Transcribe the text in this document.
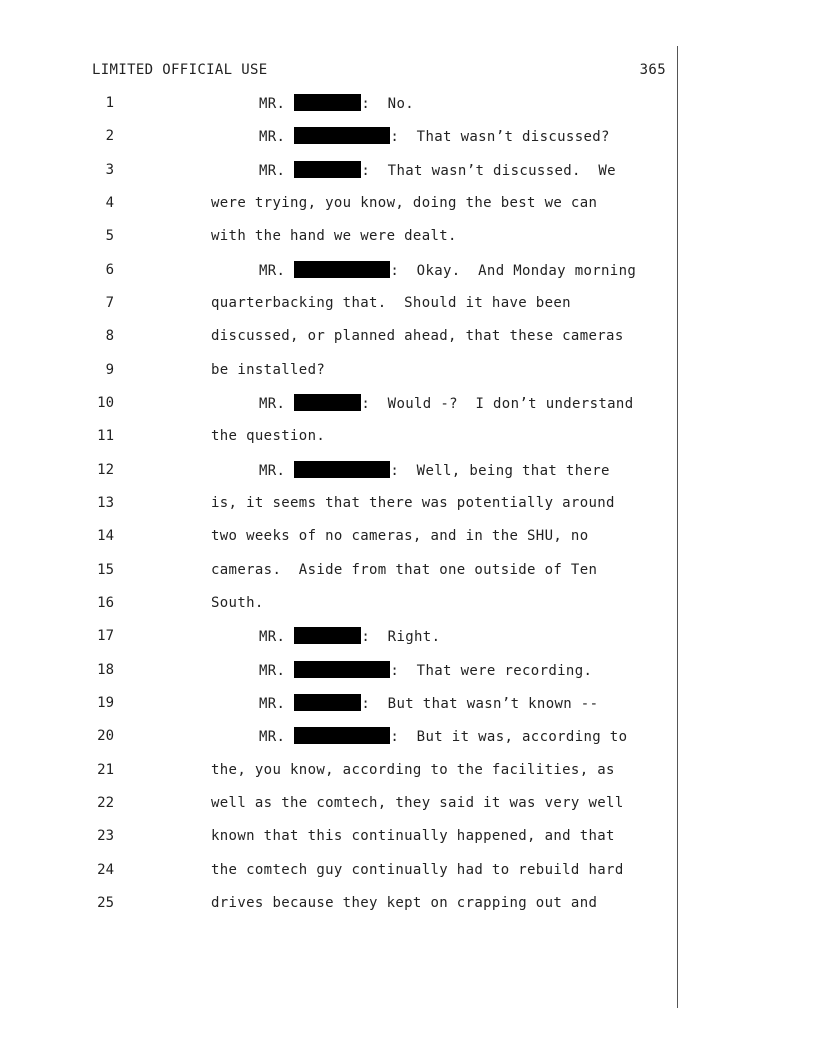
LIMITED OFFICIAL USE	365
1	MR.	:  No.
2	MR.	:  That wasn’t discussed?
3	MR.	:  That wasn’t discussed.  We
4	were trying, you know, doing the best we can
5	with the hand we were dealt.
6	MR.	:  Okay.  And Monday morning
7	quarterbacking that.  Should it have been
8	discussed, or planned ahead, that these cameras
9	be installed?
10	MR.	:  Would -?  I don’t understand
11	the question.
12	MR.	:  Well, being that there
13	is, it seems that there was potentially around
14	two weeks of no cameras, and in the SHU, no
15	cameras.  Aside from that one outside of Ten
16	South.
17	MR.	:  Right.
18	MR.	:  That were recording.
19	MR.	:  But that wasn’t known --
20	MR.	:  But it was, according to
21	the, you know, according to the facilities, as
22	well as the comtech, they said it was very well
23	known that this continually happened, and that
24	the comtech guy continually had to rebuild hard
25	drives because they kept on crapping out and
